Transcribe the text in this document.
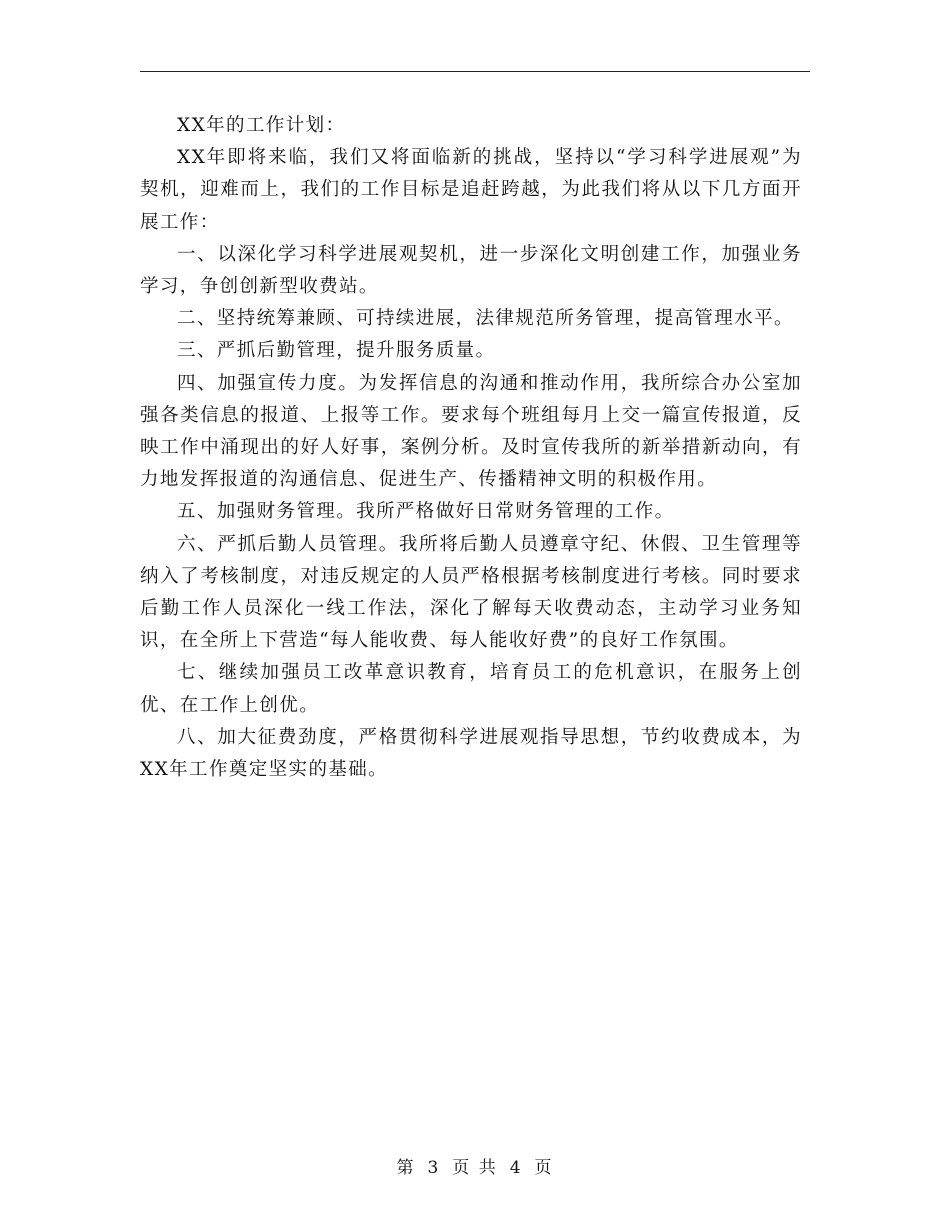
XX年的工作计划：

XX年即将来临，我们又将面临新的挑战，坚持以“学习科学进展观”为契机，迎难而上，我们的工作目标是追赶跨越，为此我们将从以下几方面开展工作：

一、以深化学习科学进展观契机，进一步深化文明创建工作，加强业务学习，争创创新型收费站。

二、坚持统筹兼顾、可持续进展，法律规范所务管理，提高管理水平。

三、严抓后勤管理，提升服务质量。

四、加强宣传力度。为发挥信息的沟通和推动作用，我所综合办公室加强各类信息的报道、上报等工作。要求每个班组每月上交一篇宣传报道，反映工作中涌现出的好人好事，案例分析。及时宣传我所的新举措新动向，有力地发挥报道的沟通信息、促进生产、传播精神文明的积极作用。

五、加强财务管理。我所严格做好日常财务管理的工作。

六、严抓后勤人员管理。我所将后勤人员遵章守纪、休假、卫生管理等纳入了考核制度，对违反规定的人员严格根据考核制度进行考核。同时要求后勤工作人员深化一线工作法，深化了解每天收费动态，主动学习业务知识，在全所上下营造“每人能收费、每人能收好费”的良好工作氛围。

七、继续加强员工改革意识教育，培育员工的危机意识，在服务上创优、在工作上创优。

八、加大征费劲度，严格贯彻科学进展观指导思想，节约收费成本，为XX年工作奠定坚实的基础。

第 3 页 共 4 页
